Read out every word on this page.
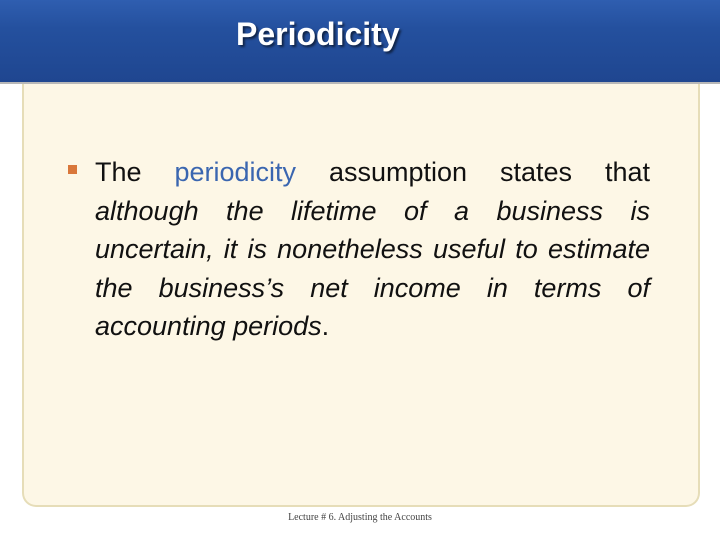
Periodicity
The periodicity assumption states that although the lifetime of a business is uncertain, it is nonetheless useful to estimate the business’s net income in terms of accounting periods.
Lecture # 6. Adjusting the Accounts
